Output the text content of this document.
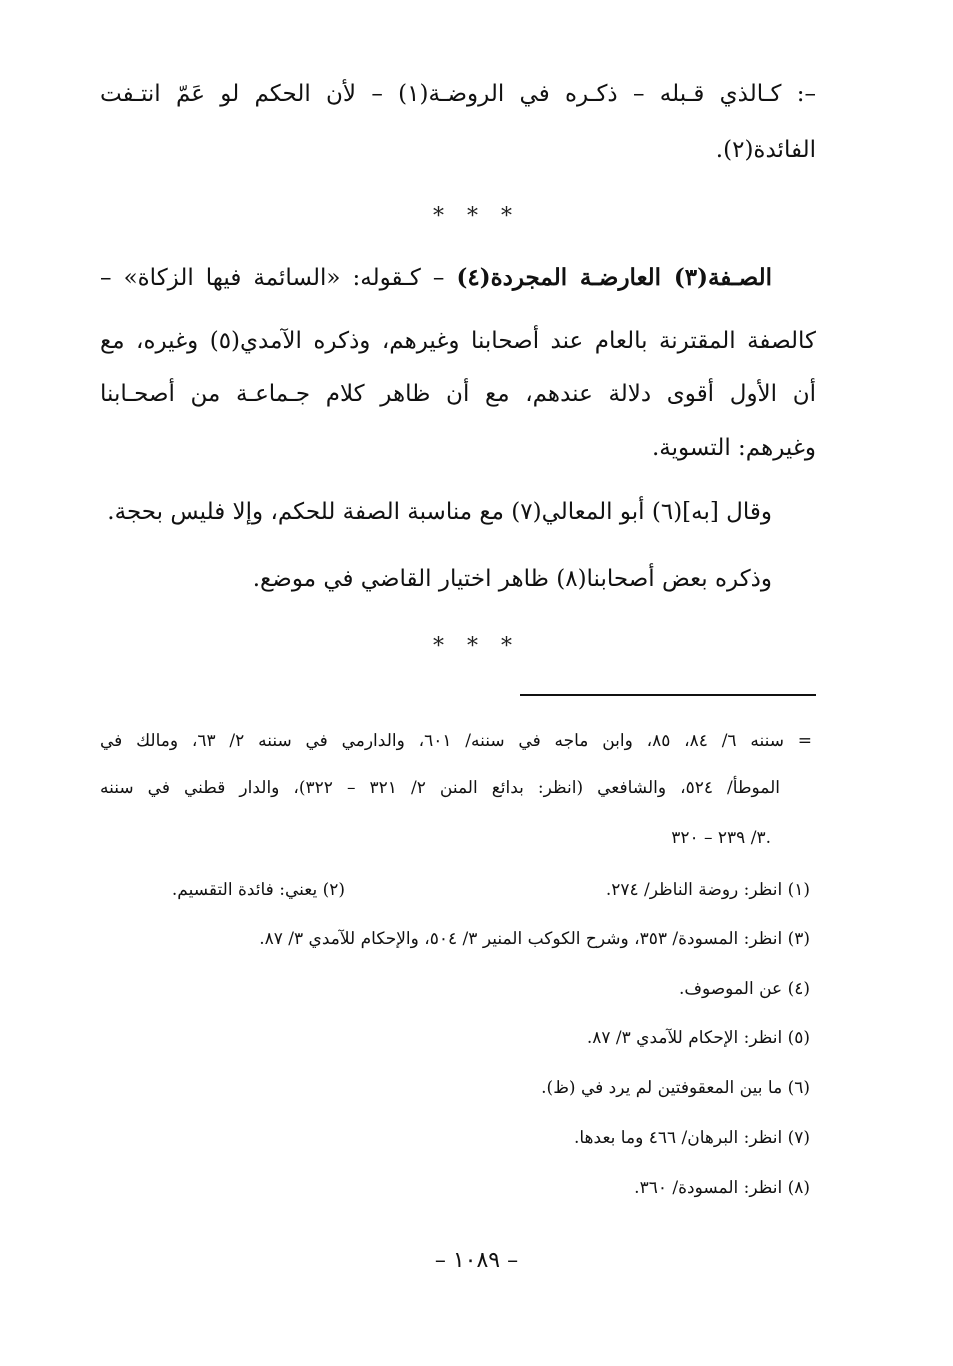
–: كـالذي قـبله – ذكـره في الروضـة(١) – لأن الحكم لو عَمّ انتـفت
الفائدة(٢).
* * *
الصـفة(٣) العارضـة المجردة(٤) – كـقوله: «السائمة فيها الزكاة» –
كالصفة المقترنة بالعام عند أصحابنا وغيرهم، وذكره الآمدي(٥) وغيره، مع
أن الأول أقوى دلالة عندهم، مع أن ظاهر كلام جـماعـة من أصحـابنا
وغيرهم: التسوية.
وقال [به](٦) أبو المعالي(٧) مع مناسبة الصفة للحكم، وإلا فليس بحجة.
وذكره بعض أصحابنا(٨) ظاهر اختيار القاضي في موضع.
* * *
= سننه ٦/ ٨٤، ٨٥، وابن ماجه في سننه/ ٦٠١، والدارمي في سننه ٢/ ٦٣، ومالك في
الموطأ/ ٥٢٤، والشافعي (انظر: بدائع المنن ٢/ ٣٢١ – ٣٢٢)، والدار قطني في سننه
٣/ ٢٣٩ – ٣٢٠.
(١) انظر: روضة الناظر/ ٢٧٤.
(٢) يعني: فائدة التقسيم.
(٣) انظر: المسودة/ ٣٥٣، وشرح الكوكب المنير ٣/ ٥٠٤، والإحكام للآمدي ٣/ ٨٧.
(٤) عن الموصوف.
(٥) انظر: الإحكام للآمدي ٣/ ٨٧.
(٦) ما بين المعقوفتين لم يرد في (ظ).
(٧) انظر: البرهان/ ٤٦٦ وما بعدها.
(٨) انظر: المسودة/ ٣٦٠.
– ١٠٨٩ –
